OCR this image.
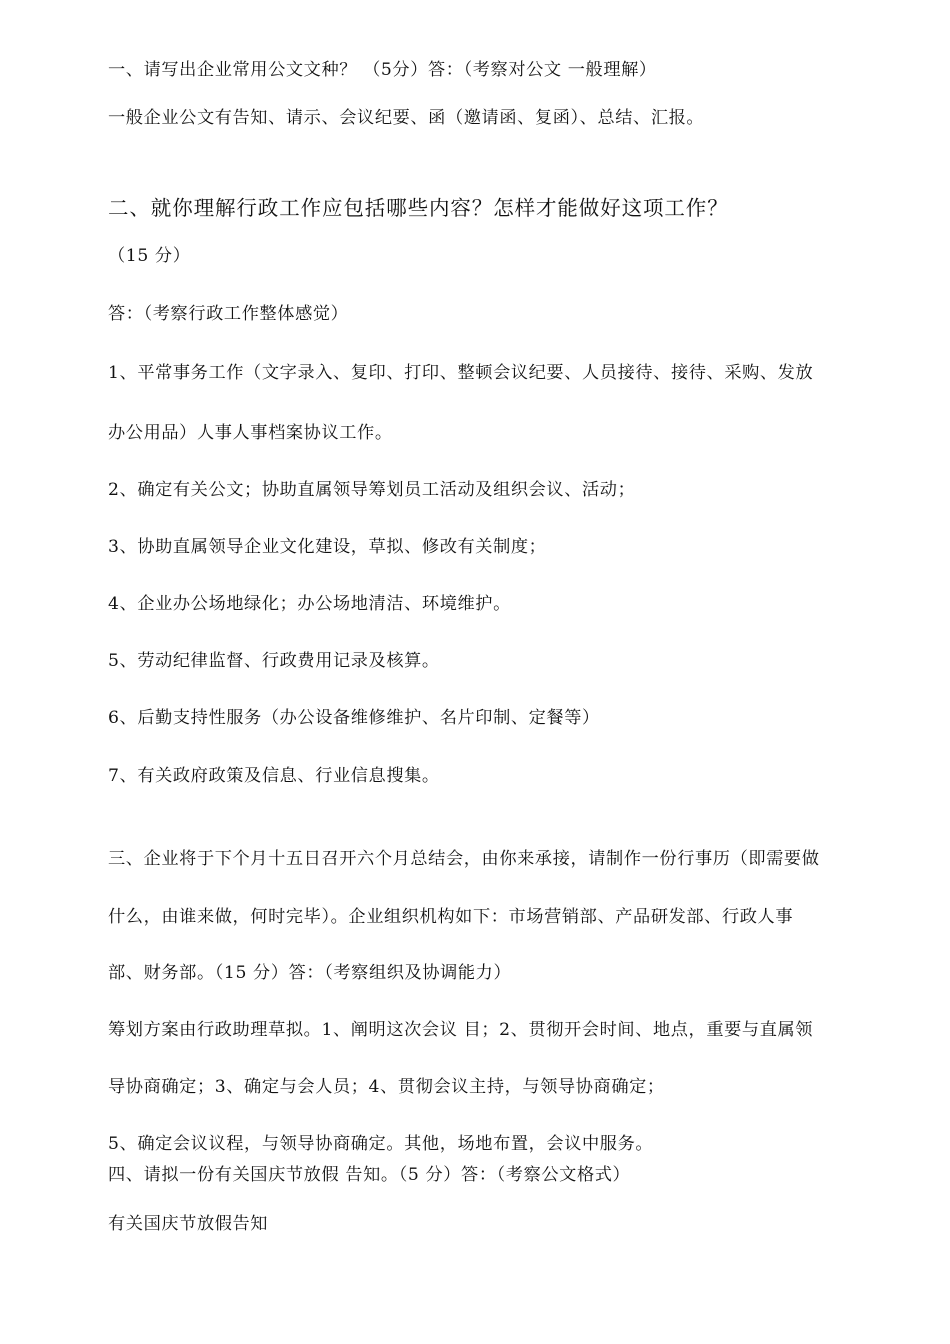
一、请写出企业常用公文文种？ （5分）答：（考察对公文 一般理解）
一般企业公文有告知、请示、会议纪要、函（邀请函、复函）、总结、汇报。
二、就你理解行政工作应包括哪些内容？怎样才能做好这项工作？
（15 分）
答：（考察行政工作整体感觉）
1、平常事务工作（文字录入、复印、打印、整顿会议纪要、人员接待、接待、采购、发放
办公用品）人事人事档案协议工作。
2、确定有关公文；协助直属领导筹划员工活动及组织会议、活动；
3、协助直属领导企业文化建设，草拟、修改有关制度；
4、企业办公场地绿化；办公场地清洁、环境维护。
5、劳动纪律监督、行政费用记录及核算。
6、后勤支持性服务（办公设备维修维护、名片印制、定餐等）
7、有关政府政策及信息、行业信息搜集。
三、企业将于下个月十五日召开六个月总结会，由你来承接，请制作一份行事历（即需要做
什么，由谁来做，何时完毕）。企业组织机构如下：市场营销部、产品研发部、行政人事
部、财务部。（15 分）答：（考察组织及协调能力）
筹划方案由行政助理草拟。1、阐明这次会议 目；2、贯彻开会时间、地点，重要与直属领
导协商确定；3、确定与会人员；4、贯彻会议主持，与领导协商确定；
5、确定会议议程，与领导协商确定。其他，场地布置，会议中服务。
四、请拟一份有关国庆节放假 告知。（5 分）答：（考察公文格式）
有关国庆节放假告知
